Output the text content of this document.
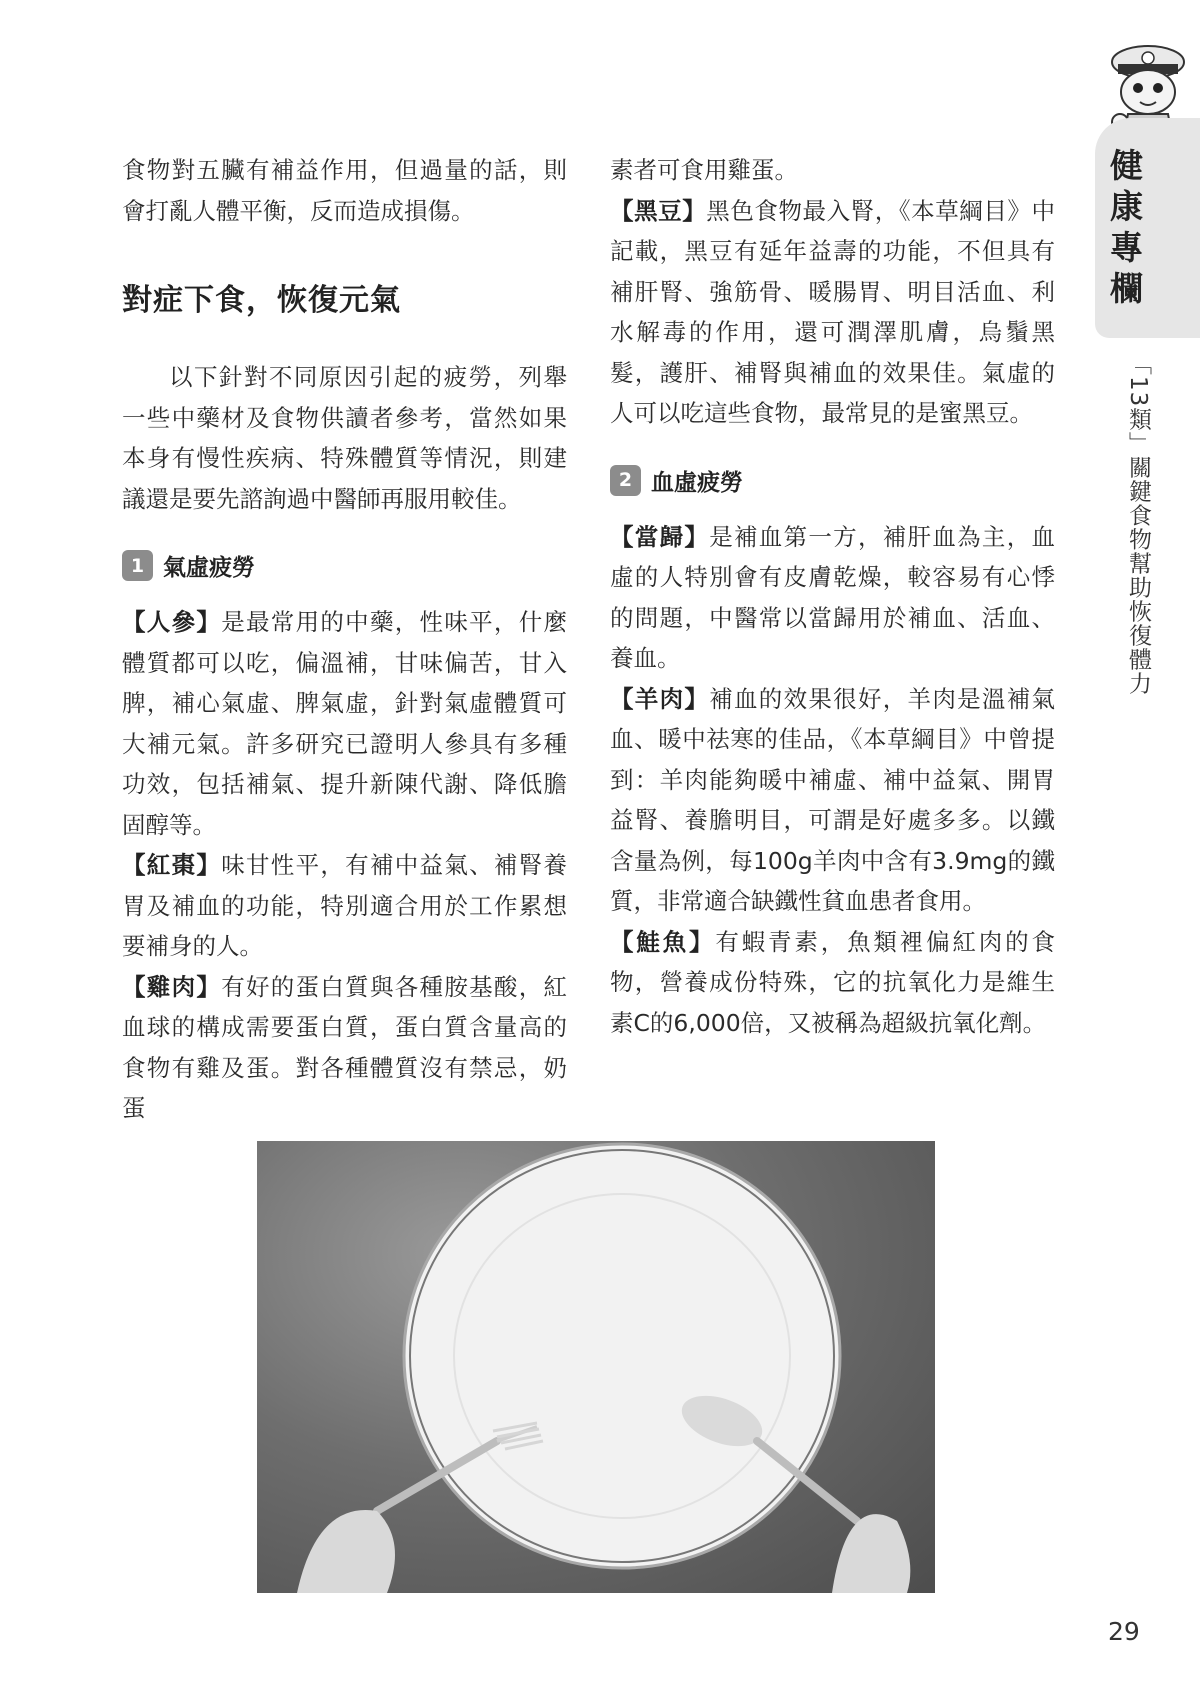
健康專欄
「13類」關鍵食物幫助恢復體力

食物對五臟有補益作用，但過量的話，則會打亂人體平衡，反而造成損傷。

對症下食，恢復元氣

以下針對不同原因引起的疲勞，列舉一些中藥材及食物供讀者參考，當然如果本身有慢性疾病、特殊體質等情況，則建議還是要先諮詢過中醫師再服用較佳。

1 氣虛疲勞
【人參】是最常用的中藥，性味平，什麼體質都可以吃，偏溫補，甘味偏苦，甘入脾，補心氣虛、脾氣虛，針對氣虛體質可大補元氣。許多研究已證明人參具有多種功效，包括補氣、提升新陳代謝、降低膽固醇等。
【紅棗】味甘性平，有補中益氣、補腎養胃及補血的功能，特別適合用於工作累想要補身的人。
【雞肉】有好的蛋白質與各種胺基酸，紅血球的構成需要蛋白質，蛋白質含量高的食物有雞及蛋。對各種體質沒有禁忌，奶蛋

素者可食用雞蛋。

【黑豆】黑色食物最入腎，《本草綱目》中記載，黑豆有延年益壽的功能，不但具有補肝腎、強筋骨、暖腸胃、明目活血、利水解毒的作用，還可潤澤肌膚，烏鬚黑髮，護肝、補腎與補血的效果佳。氣虛的人可以吃這些食物，最常見的是蜜黑豆。
2 血虛疲勞
【當歸】是補血第一方，補肝血為主，血虛的人特別會有皮膚乾燥，較容易有心悸的問題，中醫常以當歸用於補血、活血、養血。
【羊肉】補血的效果很好，羊肉是溫補氣血、暖中祛寒的佳品，《本草綱目》中曾提到：羊肉能夠暖中補虛、補中益氣、開胃益腎、養膽明目，可謂是好處多多。以鐵含量為例，每100g羊肉中含有3.9mg的鐵質，非常適合缺鐵性貧血患者食用。
【鮭魚】有蝦青素，魚類裡偏紅肉的食物，營養成份特殊，它的抗氧化力是維生素C的6,000倍，又被稱為超級抗氧化劑。
29
